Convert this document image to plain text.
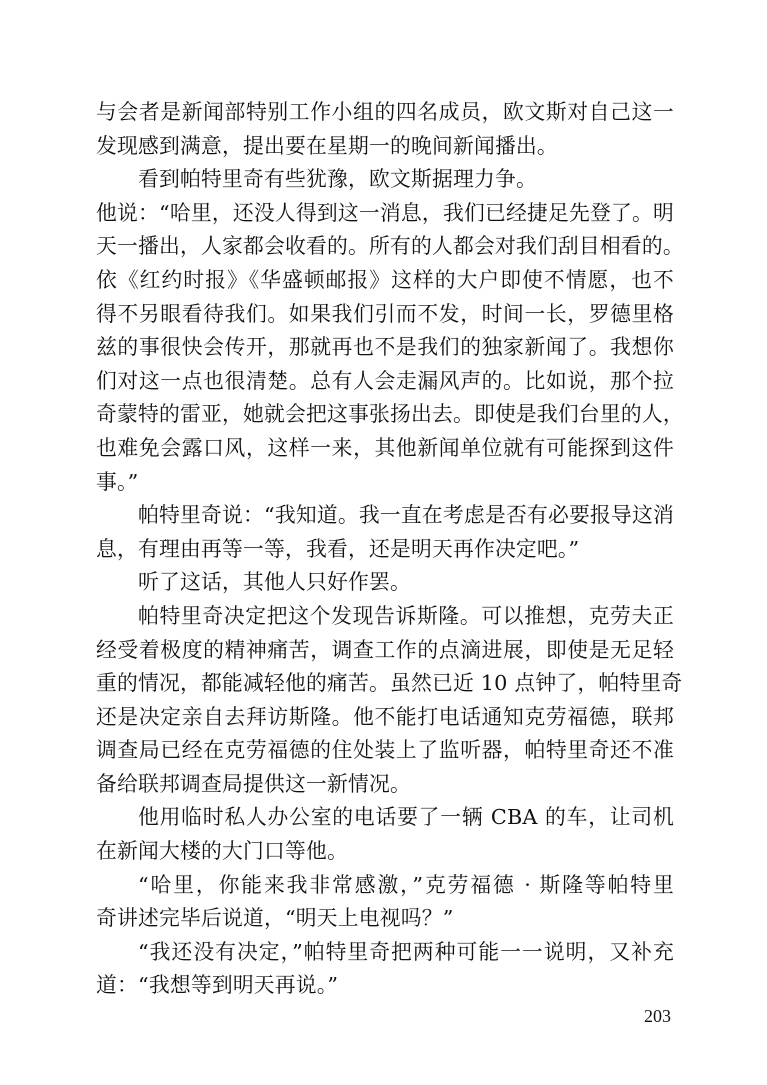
与会者是新闻部特别工作小组的四名成员，欧文斯对自己这一
发现感到满意，提出要在星期一的晚间新闻播出。
看到帕特里奇有些犹豫，欧文斯据理力争。
他说：“哈里，还没人得到这一消息，我们已经捷足先登了。明
天一播出，人家都会收看的。所有的人都会对我们刮目相看的。
依《红约时报》《华盛顿邮报》这样的大户即使不情愿，也不
得不另眼看待我们。如果我们引而不发，时间一长，罗德里格
兹的事很快会传开，那就再也不是我们的独家新闻了。我想你
们对这一点也很清楚。总有人会走漏风声的。比如说，那个拉
奇蒙特的雷亚，她就会把这事张扬出去。即使是我们台里的人，
也难免会露口风，这样一来，其他新闻单位就有可能探到这件
事。”
帕特里奇说：“我知道。我一直在考虑是否有必要报导这消
息，有理由再等一等，我看，还是明天再作决定吧。”
听了这话，其他人只好作罢。
帕特里奇决定把这个发现告诉斯隆。可以推想，克劳夫正
经受着极度的精神痛苦，调查工作的点滴进展，即使是无足轻
重的情况，都能减轻他的痛苦。虽然已近 10 点钟了，帕特里奇
还是决定亲自去拜访斯隆。他不能打电话通知克劳福德，联邦
调查局已经在克劳福德的住处装上了监听器，帕特里奇还不准
备给联邦调查局提供这一新情况。
他用临时私人办公室的电话要了一辆 CBA 的车，让司机
在新闻大楼的大门口等他。
“哈里，你能来我非常感激，”克劳福德 · 斯隆等帕特里
奇讲述完毕后说道，“明天上电视吗？”
“我还没有决定，”帕特里奇把两种可能一一说明，又补充
道：“我想等到明天再说。”
203
